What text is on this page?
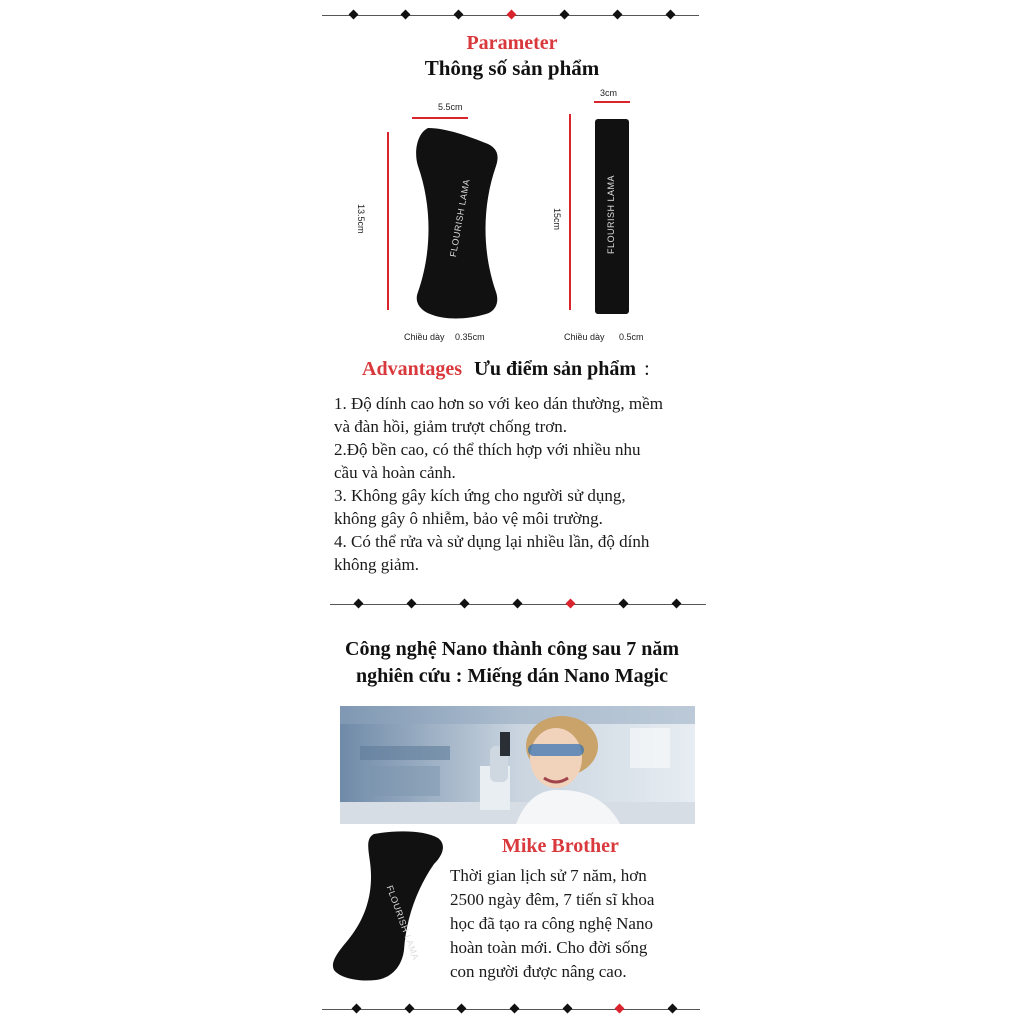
Parameter
Thông số sản phẩm
5.5cm
13.5cm	FLOURISH LAMA
3cm
15cm	FLOURISH LAMA
Chiều dày 0.35cm	Chiều dày 0.5cm
Advantages Ưu điểm sản phẩm :
1. Độ dính cao hơn so với keo dán thường, mềm
và đàn hồi, giảm trượt chống trơn.
2.Độ bền cao, có thể thích hợp với nhiều nhu
cầu và hoàn cảnh.
3. Không gây kích ứng cho người sử dụng,
không gây ô nhiễm, bảo vệ môi trường.
4. Có thể rửa và sử dụng lại nhiều lần, độ dính
không giảm.
Công nghệ Nano thành công sau 7 năm
nghiên cứu : Miếng dán Nano Magic
FLOURISH LAMA
Mike Brother
Thời gian lịch sử 7 năm, hơn
2500 ngày đêm, 7 tiến sĩ khoa
học đã tạo ra công nghệ Nano
hoàn toàn mới. Cho đời sống
con người được nâng cao.
